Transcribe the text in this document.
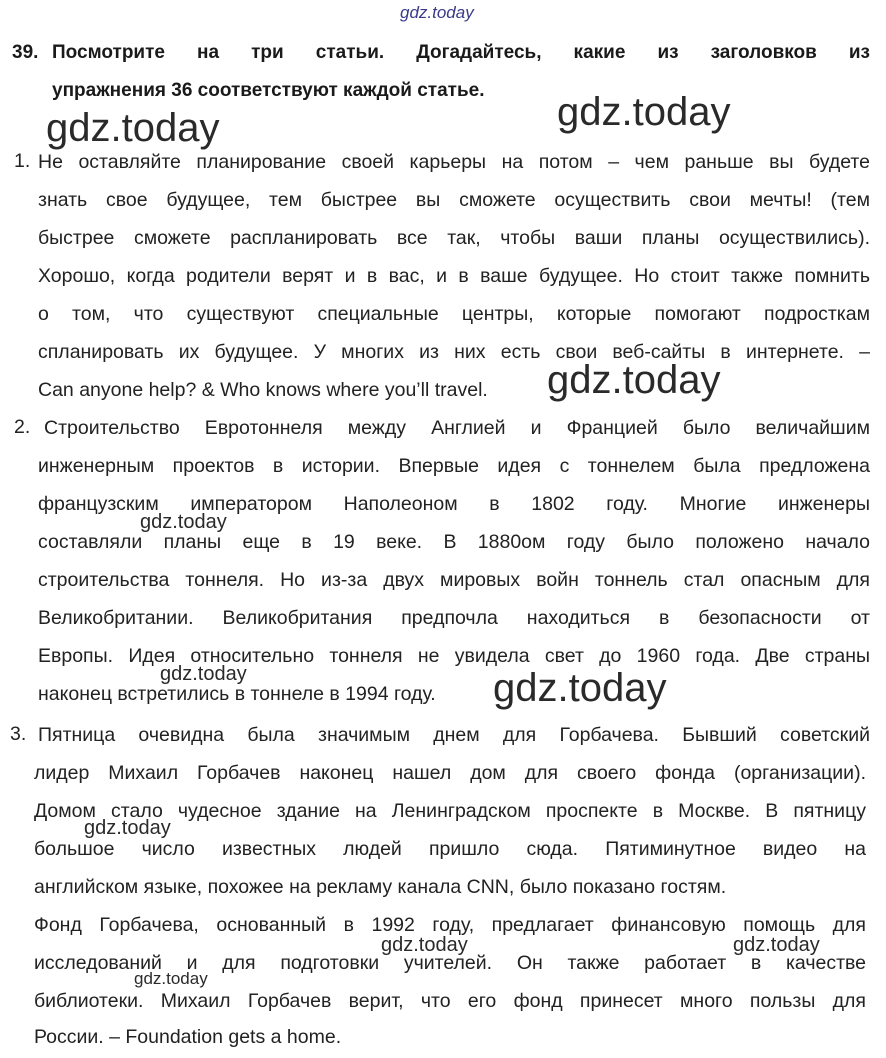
gdz.today
gdz.today	gdz.today
gdz.today
gdz.today
gdz.today	gdz.today
gdz.today
gdz.today	gdz.today
gdz.today
39. Посмотрите на три статьи. Догадайтесь, какие из заголовков из
упражнения 36 соответствуют каждой статье.
1. Не оставляйте планирование своей карьеры на потом – чем раньше вы будете
знать свое будущее, тем быстрее вы сможете осуществить свои мечты! (тем
быстрее сможете распланировать все так, чтобы ваши планы осуществились).
Хорошо, когда родители верят и в вас, и в ваше будущее. Но стоит также помнить
о том, что существуют специальные центры, которые помогают подросткам
спланировать их будущее. У многих из них есть свои веб-сайты в интернете. –
Can anyone help? & Who knows where you’ll travel.
2. Строительство Евротоннеля между Англией и Францией было величайшим
инженерным проектов в истории. Впервые идея с тоннелем была предложена
французским императором Наполеоном в 1802 году. Многие инженеры
составляли планы еще в 19 веке. В 1880ом году было положено начало
строительства тоннеля. Но из-за двух мировых войн тоннель стал опасным для
Великобритании. Великобритания предпочла находиться в безопасности от
Европы. Идея относительно тоннеля не увидела свет до 1960 года. Две страны
наконец встретились в тоннеле в 1994 году.
3. Пятница очевидна была значимым днем для Горбачева. Бывший советский
лидер Михаил Горбачев наконец нашел дом для своего фонда (организации).
Домом стало чудесное здание на Ленинградском проспекте в Москве. В пятницу
большое число известных людей пришло сюда. Пятиминутное видео на
английском языке, похожее на рекламу канала CNN, было показано гостям.
Фонд Горбачева, основанный в 1992 году, предлагает финансовую помощь для
исследований и для подготовки учителей. Он также работает в качестве
библиотеки. Михаил Горбачев верит, что его фонд принесет много пользы для
России. – Foundation gets a home.
